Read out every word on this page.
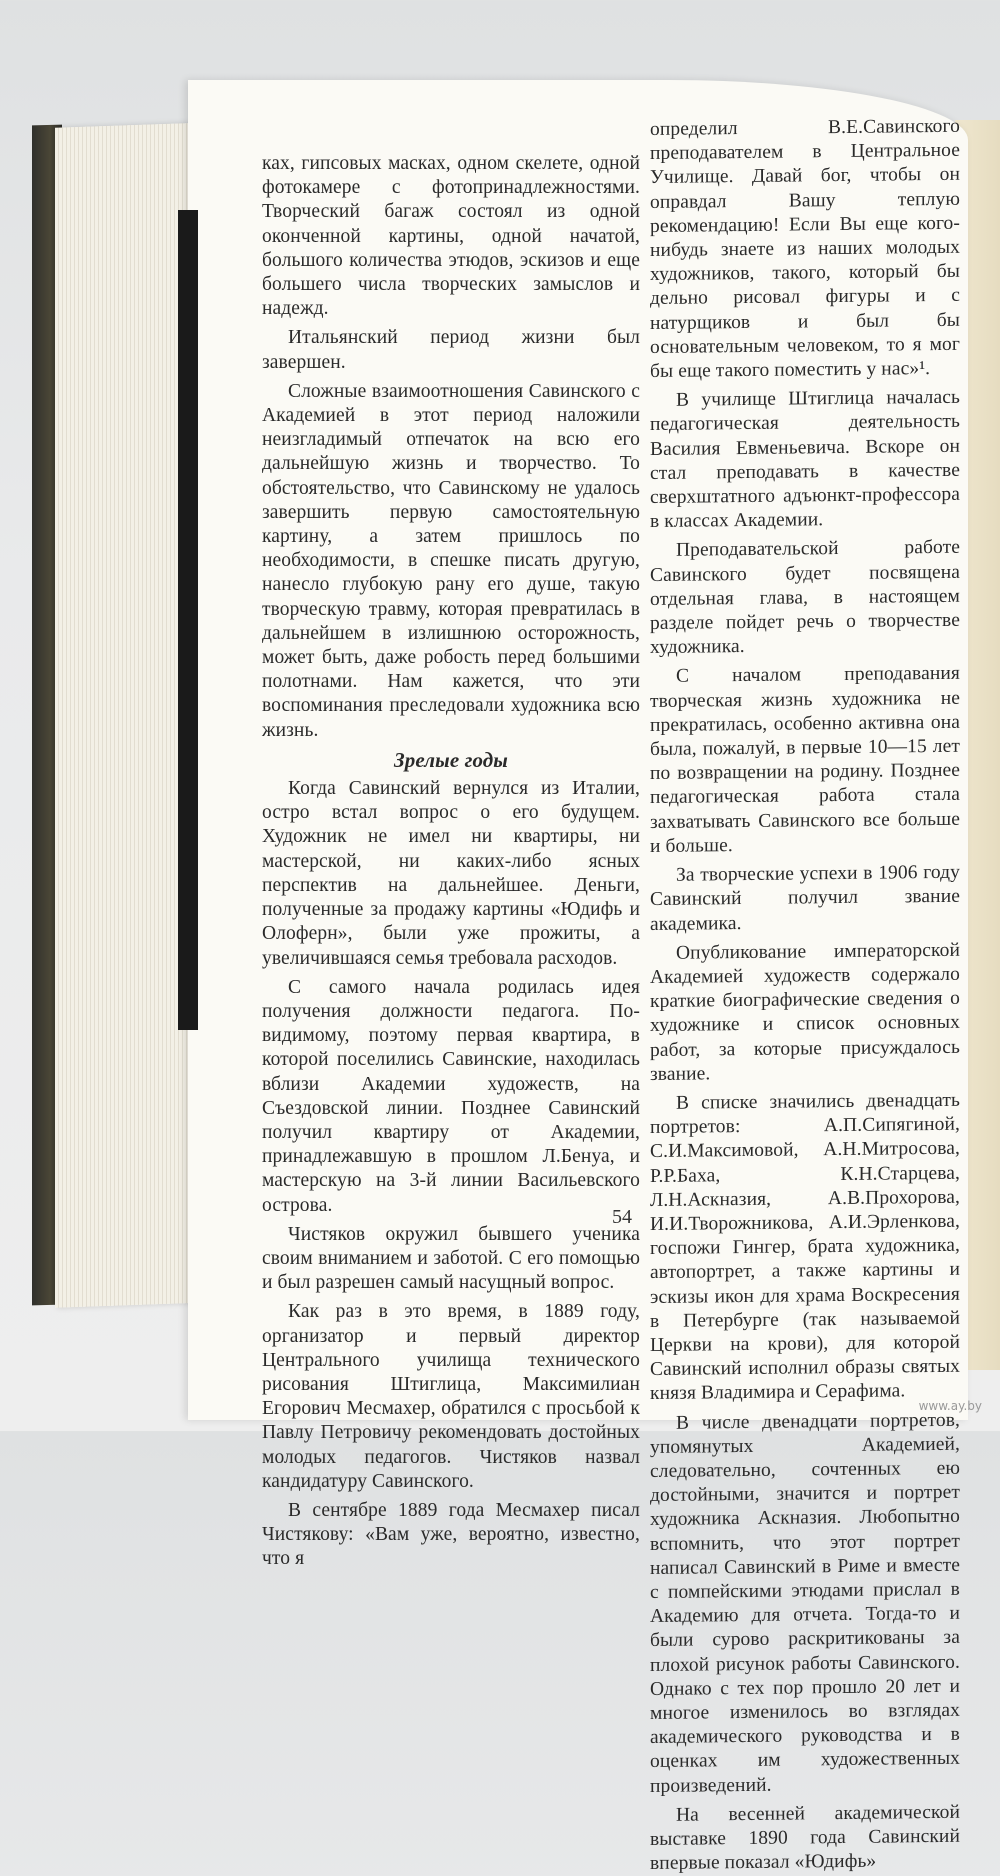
ках, гипсовых масках, одном скелете, одной фотокамере с фотопринадлежностями. Творческий багаж состоял из одной оконченной картины, одной начатой, большого количества этюдов, эскизов и еще большего числа творческих замыслов и надежд.

Итальянский период жизни был завершен.

Сложные взаимоотношения Савинского с Академией в этот период наложили неизгладимый отпечаток на всю его дальнейшую жизнь и творчество. То обстоятельство, что Савинскому не удалось завершить первую самостоятельную картину, а затем пришлось по необходимости, в спешке писать другую, нанесло глубокую рану его душе, такую творческую травму, которая превратилась в дальнейшем в излишнюю осторожность, может быть, даже робость перед большими полотнами. Нам кажется, что эти воспоминания преследовали художника всю жизнь.

Зрелые годы

Когда Савинский вернулся из Италии, остро встал вопрос о его будущем. Художник не имел ни квартиры, ни мастерской, ни каких-либо ясных перспектив на дальнейшее. Деньги, полученные за продажу картины «Юдифь и Олоферн», были уже прожиты, а увеличившаяся семья требовала расходов.

С самого начала родилась идея получения должности педагога. По-видимому, поэтому первая квартира, в которой поселились Савинские, находилась вблизи Академии художеств, на Съездовской линии. Позднее Савинский получил квартиру от Академии, принадлежавшую в прошлом Л.Бенуа, и мастерскую на 3-й линии Васильевского острова.

Чистяков окружил бывшего ученика своим вниманием и заботой. С его помощью и был разрешен самый насущный вопрос.

Как раз в это время, в 1889 году, организатор и первый директор Центрального училища технического рисования Штиглица, Максимилиан Егорович Месмахер, обратился с просьбой к Павлу Петровичу рекомендовать достойных молодых педагогов. Чистяков назвал кандидатуру Савинского.

В сентябре 1889 года Месмахер писал Чистякову: «Вам уже, вероятно, известно, что я

определил В.Е.Савинского преподавателем в Центральное Училище. Давай бог, чтобы он оправдал Вашу теплую рекомендацию! Если Вы еще кого-нибудь знаете из наших молодых художников, такого, который бы дельно рисовал фигуры и с натурщиков и был бы основательным человеком, то я мог бы еще такого поместить у нас»¹.

В училище Штиглица началась педагогическая деятельность Василия Евменьевича. Вскоре он стал преподавать в качестве сверхштатного адъюнкт-профессора в классах Академии.

Преподавательской работе Савинского будет посвящена отдельная глава, в настоящем разделе пойдет речь о творчестве художника.

С началом преподавания творческая жизнь художника не прекратилась, особенно активна она была, пожалуй, в первые 10—15 лет по возвращении на родину. Позднее педагогическая работа стала захватывать Савинского все больше и больше.

За творческие успехи в 1906 году Савинский получил звание академика.

Опубликование императорской Академией художеств содержало краткие биографические сведения о художнике и список основных работ, за которые присуждалось звание.

В списке значились двенадцать портретов: А.П.Сипягиной, С.И.Максимовой, А.Н.Митросова, Р.Р.Баха, К.Н.Старцева, Л.Н.Аскназия, А.В.Прохорова, И.И.Творожникова, А.И.Эрленкова, госпожи Гингер, брата художника, автопортрет, а также картины и эскизы икон для храма Воскресения в Петербурге (так называемой Церкви на крови), для которой Савинский исполнил образы святых князя Владимира и Серафима.

В числе двенадцати портретов, упомянутых Академией, следовательно, сочтенных ею достойными, значится и портрет художника Аскназия. Любопытно вспомнить, что этот портрет написал Савинский в Риме и вместе с помпейскими этюдами прислал в Академию для отчета. Тогда-то и были сурово раскритикованы за плохой рисунок работы Савинского. Однако с тех пор прошло 20 лет и многое изменилось во взглядах академического руководства и в оценках им художественных произведений.

На весенней академической выставке 1890 года Савинский впервые показал «Юдифь»

54
www.ay.by
